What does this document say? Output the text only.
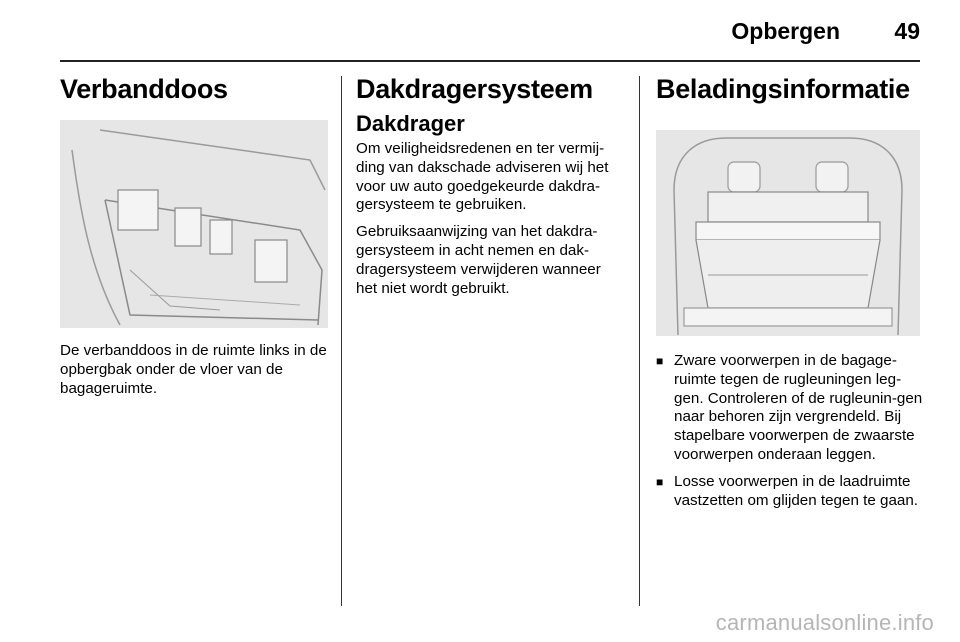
Opbergen 49
Verbanddoos

De verbanddoos in de ruimte links in de opbergbak onder de vloer van de bagageruimte.

Dakdragersysteem
Dakdrager

Om veiligheidsredenen en ter vermij-ding van dakschade adviseren wij het voor uw auto goedgekeurde dakdra-gersysteem te gebruiken.

Gebruiksaanwijzing van het dakdra-gersysteem in acht nemen en dak-dragersysteem verwijderen wanneer het niet wordt gebruikt.

Beladingsinformatie
■ Zware voorwerpen in de bagage-ruimte tegen de rugleuningen leg-gen. Controleren of de rugleunin-gen naar behoren zijn vergrendeld. Bij stapelbare voorwerpen de zwaarste voorwerpen onderaan leggen.
■ Losse voorwerpen in de laadruimte vastzetten om glijden tegen te gaan.
carmanualsonline.info
